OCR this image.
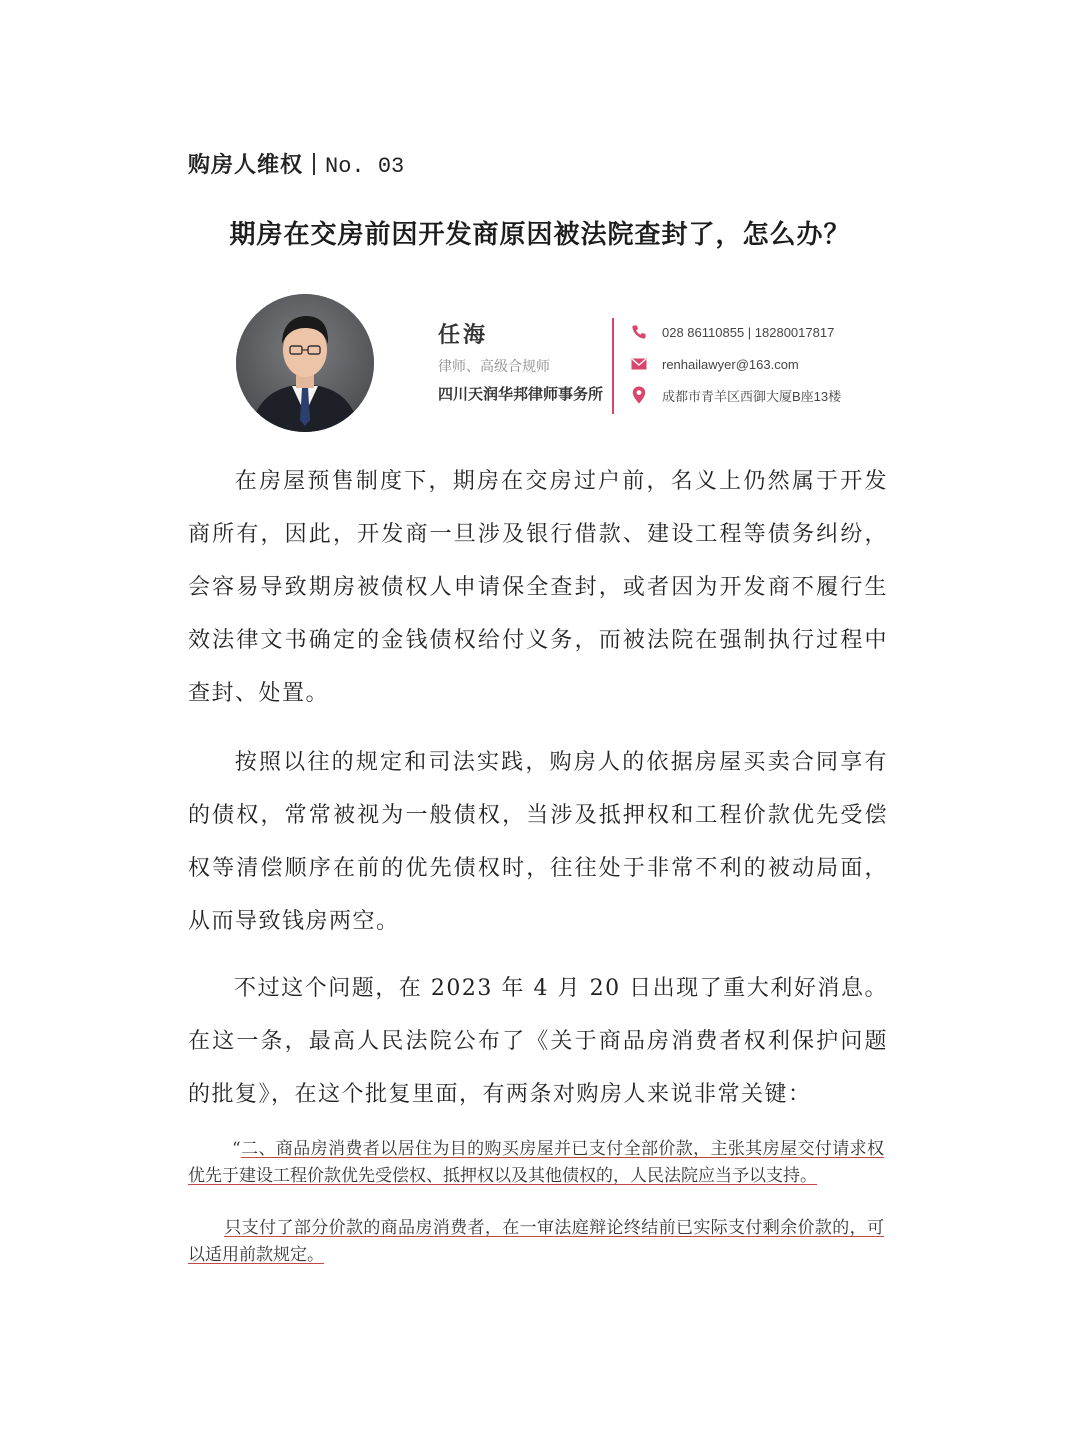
购房人维权 No. 03
期房在交房前因开发商原因被法院查封了，怎么办？
任海
律师、高级合规师
四川天润华邦律师事务所
028 86110855 | 18280017817
renhailawyer@163.com
成都市青羊区西御大厦B座13楼

在房屋预售制度下，期房在交房过户前，名义上仍然属于开发商所有，因此，开发商一旦涉及银行借款、建设工程等债务纠纷，会容易导致期房被债权人申请保全查封，或者因为开发商不履行生效法律文书确定的金钱债权给付义务，而被法院在强制执行过程中查封、处置。

按照以往的规定和司法实践，购房人的依据房屋买卖合同享有的债权，常常被视为一般债权，当涉及抵押权和工程价款优先受偿权等清偿顺序在前的优先债权时，往往处于非常不利的被动局面，从而导致钱房两空。

不过这个问题，在 2023 年 4 月 20 日出现了重大利好消息。在这一条，最高人民法院公布了《关于商品房消费者权利保护问题的批复》，在这个批复里面，有两条对购房人来说非常关键：

“二、商品房消费者以居住为目的购买房屋并已支付全部价款，主张其房屋交付请求权优先于建设工程价款优先受偿权、抵押权以及其他债权的，人民法院应当予以支持。

只支付了部分价款的商品房消费者，在一审法庭辩论终结前已实际支付剩余价款的，可以适用前款规定。
